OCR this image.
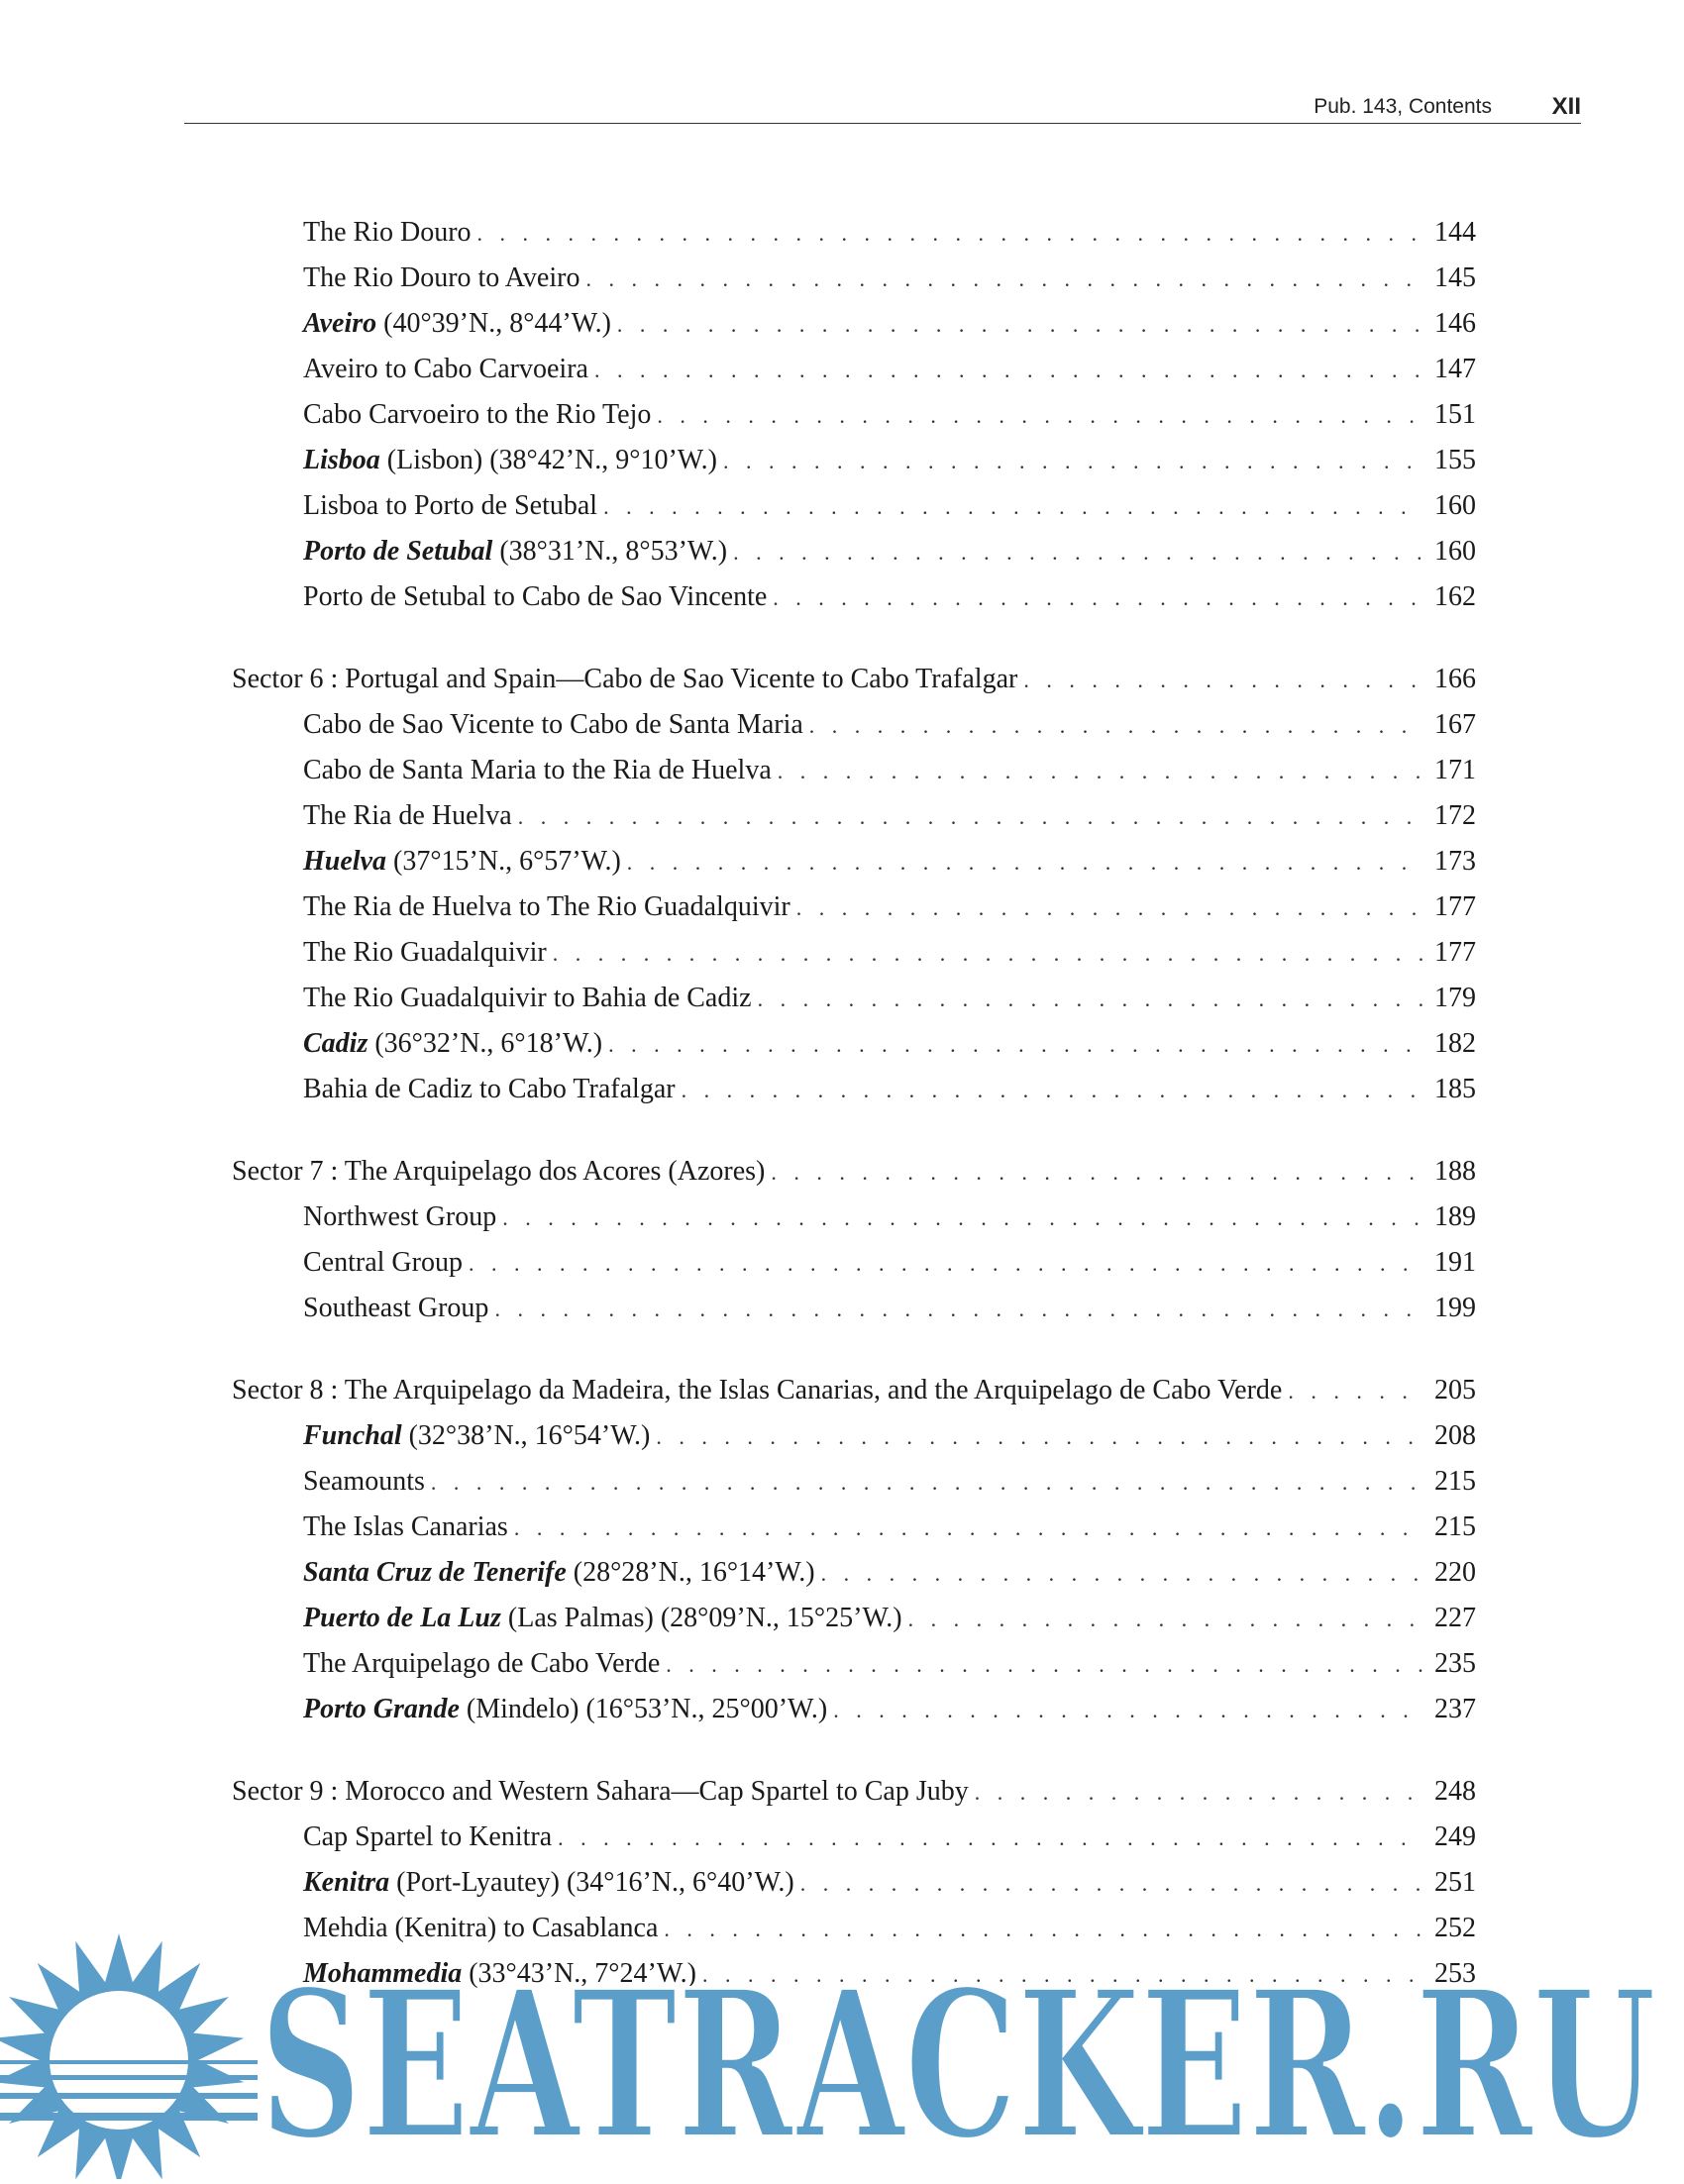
Pub. 143, Contents	XII
The Rio Douro . . .	144
The Rio Douro to Aveiro . . .	145
Aveiro (40°39’N., 8°44’W.) . . .	146
Aveiro to Cabo Carvoeira . . .	147
Cabo Carvoeiro to the Rio Tejo . . .	151
Lisboa (Lisbon) (38°42’N., 9°10’W.) . . .	155
Lisboa to Porto de Setubal . . .	160
Porto de Setubal (38°31’N., 8°53’W.) . . .	160
Porto de Setubal to Cabo de Sao Vincente . . .	162
Sector 6 : Portugal and Spain—Cabo de Sao Vicente to Cabo Trafalgar . . .	166
Cabo de Sao Vicente to Cabo de Santa Maria . . .	167
Cabo de Santa Maria to the Ria de Huelva . . .	171
The Ria de Huelva . . .	172
Huelva (37°15’N., 6°57’W.) . . .	173
The Ria de Huelva to The Rio Guadalquivir . . .	177
The Rio Guadalquivir . . .	177
The Rio Guadalquivir to Bahia de Cadiz . . .	179
Cadiz (36°32’N., 6°18’W.) . . .	182
Bahia de Cadiz to Cabo Trafalgar . . .	185
Sector 7 : The Arquipelago dos Acores (Azores) . . .	188
Northwest Group . . .	189
Central Group . . .	191
Southeast Group . . .	199
Sector 8 : The Arquipelago da Madeira, the Islas Canarias, and the Arquipelago de Cabo Verde . . .	205
Funchal (32°38’N., 16°54’W.) . . .	208
Seamounts . . .	215
The Islas Canarias . . .	215
Santa Cruz de Tenerife (28°28’N., 16°14’W.) . . .	220
Puerto de La Luz (Las Palmas) (28°09’N., 15°25’W.) . . .	227
The Arquipelago de Cabo Verde . . .	235
Porto Grande (Mindelo) (16°53’N., 25°00’W.) . . .	237
Sector 9 : Morocco and Western Sahara—Cap Spartel to Cap Juby . . .	248
Cap Spartel to Kenitra . . .	249
Kenitra (Port-Lyautey) (34°16’N., 6°40’W.) . . .	251
Mehdia (Kenitra) to Casablanca . . .	252
Mohammedia (33°43’N., 7°24’W.) . . .	253
SEATRACKER.RU
